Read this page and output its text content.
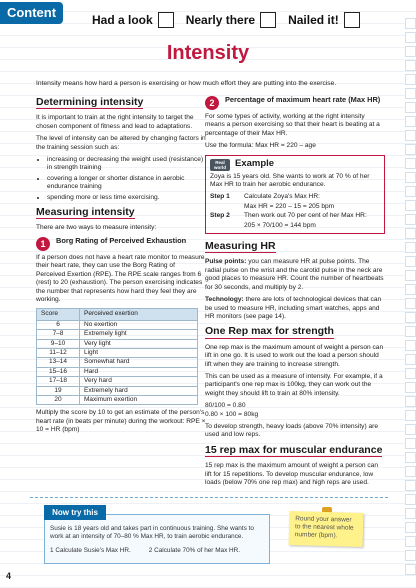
Content	Had a look	Nearly there	Nailed it!
Intensity
Intensity means how hard a person is exercising or how much effort they are putting into the exercise.
Determining intensity

It is important to train at the right intensity to target the chosen component of fitness and lead to adaptations.

The level of intensity can be altered by changing factors in the training session such as:

• increasing or decreasing the weight used (resistance) in strength training
• covering a longer or shorter distance in aerobic endurance training
• spending more or less time exercising.
Measuring intensity

There are two ways to measure intensity:

1	Borg Rating of Perceived Exhaustion

If a person does not have a heart rate monitor to measure their heart rate, they can use the Borg Rating of Perceived Exertion (RPE). The RPE scale ranges from 6 (rest) to 20 (exhaustion). The person exercising indicates the number that represents how hard they feel they are working.

Score	Perceived exertion
6	No exertion
7–8	Extremely light
9–10	Very light
11–12	Light
13–14	Somewhat hard
15–16	Hard
17–18	Very hard
19	Extremely hard
20	Maximum exertion

Multiply the score by 10 to get an estimate of the person's heart rate (in beats per minute) during the workout: RPE × 10 = HR (bpm)

2	Percentage of maximum heart rate (Max HR)

For some types of activity, working at the right intensity means a person exercising so that their heart is beating at a percentage of their Max HR.

Use the formula: Max HR = 220 – age

Real world Example

Zoya is 15 years old. She wants to work at 70 % of her Max HR to train her aerobic endurance.

Step 1	Calculate Zoya's Max HR:
Max HR = 220 – 15 = 205 bpm
Step 2	Then work out 70 per cent of her Max HR:
205 × 70/100 = 144 bpm
Measuring HR

Pulse points: you can measure HR at pulse points. The radial pulse on the wrist and the carotid pulse in the neck are good places to measure HR. Count the number of heartbeats for 30 seconds, and multiply by 2.

Technology: there are lots of technological devices that can be used to measure HR, including smart watches, apps and HR monitors (see page 14).

One Rep max for strength

One rep max is the maximum amount of weight a person can lift in one go. It is used to work out the load a person should lift when they are training to increase strength.

This can be used as a measure of intensity. For example, if a participant's one rep max is 100kg, they can work out the weight they should lift to train at 80% intensity.

80/100 = 0.80
0.80 × 100 = 80kg

To develop strength, heavy loads (above 70% intensity) are used and low reps.

15 rep max for muscular endurance

15 rep max is the maximum amount of weight a person can lift for 15 repetitions. To develop muscular endurance, low loads (below 70% one rep max) and high reps are used.

Susie is 18 years old and takes part in continuous training. She wants to work at an intensity of 70–80 % Max HR, to train aerobic endurance.
1 Calculate Susie's Max HR.	2 Calculate 70% of her Max HR.
Now try this
Round your answer to the nearest whole number (bpm).
4
